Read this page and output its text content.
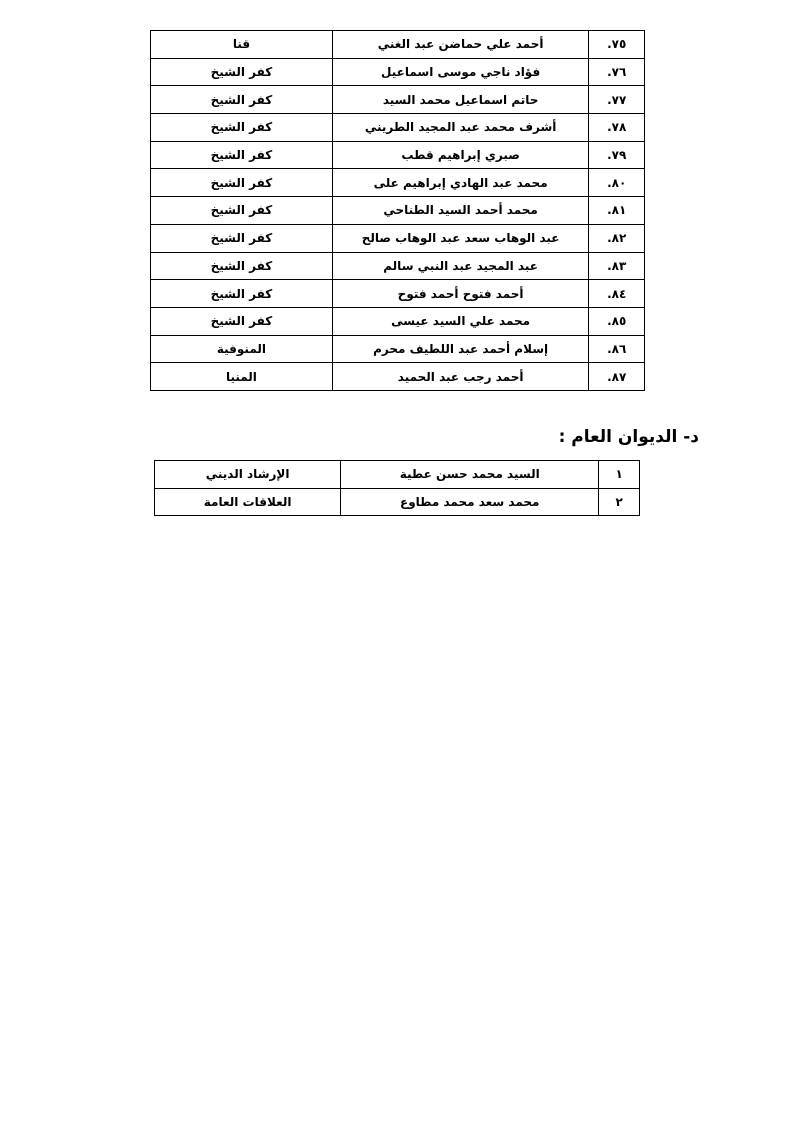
٧٥.	أحمد علي حماضن عبد الغني	قنا
٧٦.	فؤاد ناجي موسى اسماعيل	كفر الشيخ
٧٧.	حاتم اسماعيل محمد السيد	كفر الشيخ
٧٨.	أشرف محمد عبد المجيد الطريني	كفر الشيخ
٧٩.	صبري إبراهيم قطب	كفر الشيخ
٨٠.	محمد عبد الهادي إبراهيم على	كفر الشيخ
٨١.	محمد أحمد السيد الطناحي	كفر الشيخ
٨٢.	عبد الوهاب سعد عبد الوهاب صالح	كفر الشيخ
٨٣.	عبد المجيد عبد النبي سالم	كفر الشيخ
٨٤.	أحمد فتوح أحمد فتوح	كفر الشيخ
٨٥.	محمد علي السيد عيسى	كفر الشيخ
٨٦.	إسلام أحمد عبد اللطيف محرم	المنوفية
٨٧.	أحمد رجب عبد الحميد	المنيا
د- الديوان العام :
١	السيد محمد حسن عطية	الإرشاد الديني
٢	محمد سعد محمد مطاوع	العلاقات العامة
